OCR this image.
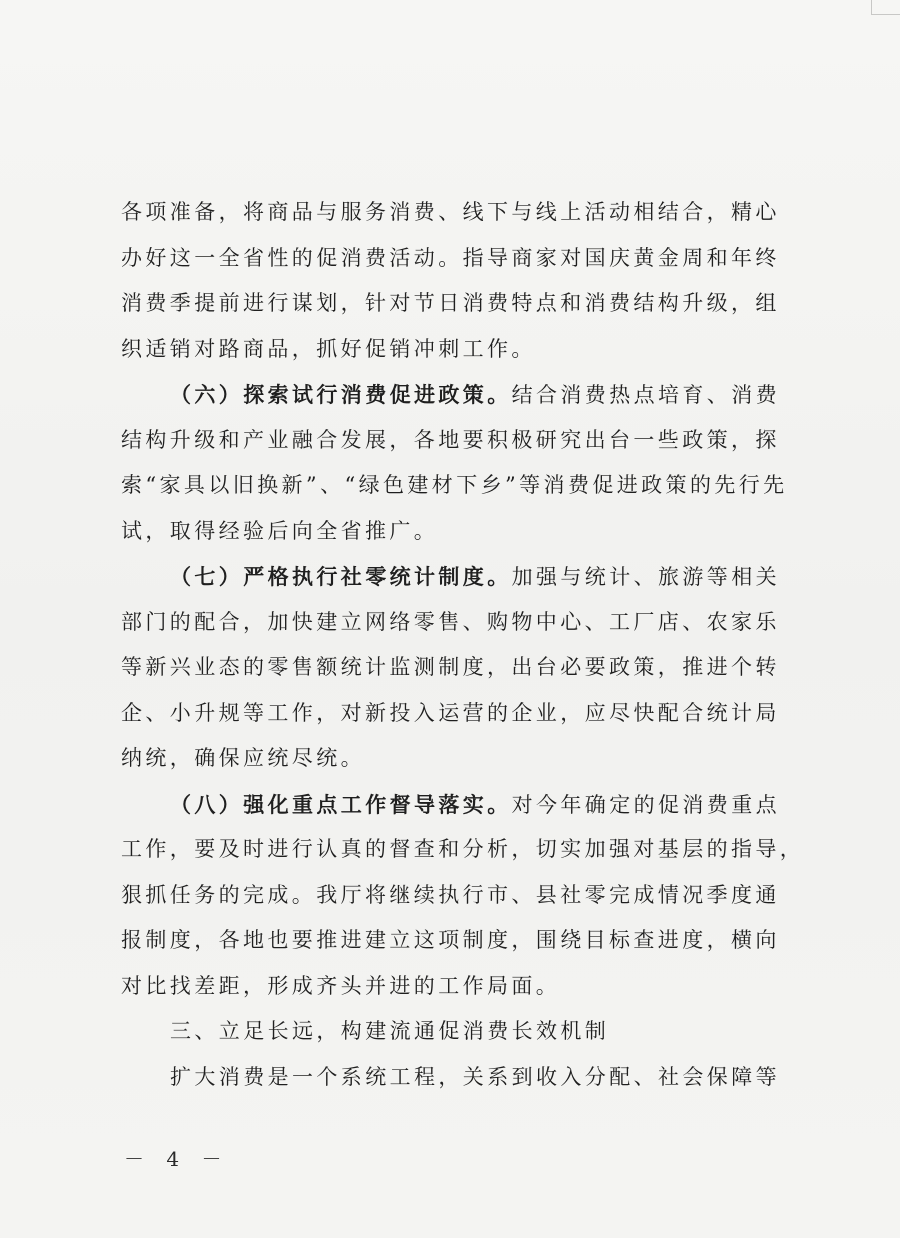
各项准备，将商品与服务消费、线下与线上活动相结合，精心
办好这一全省性的促消费活动。指导商家对国庆黄金周和年终
消费季提前进行谋划，针对节日消费特点和消费结构升级，组
织适销对路商品，抓好促销冲刺工作。
（六）探索试行消费促进政策。结合消费热点培育、消费
结构升级和产业融合发展，各地要积极研究出台一些政策，探
索“家具以旧换新”、“绿色建材下乡”等消费促进政策的先行先
试，取得经验后向全省推广。
（七）严格执行社零统计制度。加强与统计、旅游等相关
部门的配合，加快建立网络零售、购物中心、工厂店、农家乐
等新兴业态的零售额统计监测制度，出台必要政策，推进个转
企、小升规等工作，对新投入运营的企业，应尽快配合统计局
纳统，确保应统尽统。
（八）强化重点工作督导落实。对今年确定的促消费重点
工作，要及时进行认真的督查和分析，切实加强对基层的指导，
狠抓任务的完成。我厅将继续执行市、县社零完成情况季度通
报制度，各地也要推进建立这项制度，围绕目标查进度，横向
对比找差距，形成齐头并进的工作局面。
三、立足长远，构建流通促消费长效机制
扩大消费是一个系统工程，关系到收入分配、社会保障等
－ 4 －
